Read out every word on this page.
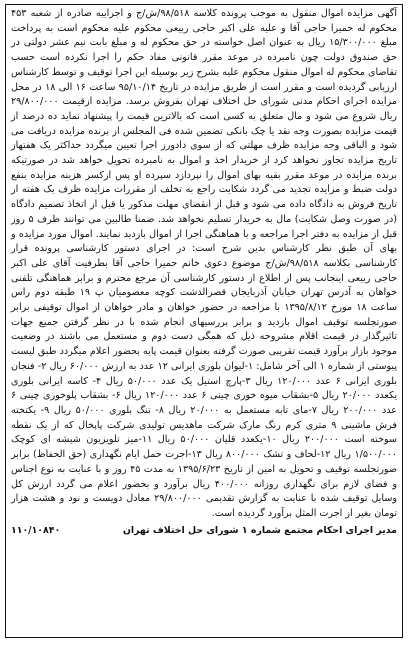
آگهی مزایده اموال منقول به موجب پرونده کلاسه ۹۸/۵۱۸/ش/ج و اجراییه صادره از شعبه ۴۵۳ محکوم له حمیرا حاجی آقا و علیه علی اکبر حاجی ربیعی محکوم علیه محکوم است به پرداخت مبلغ ۱۵/۳۰۰/۰۰۰ ریال به عنوان اصل خواسته در حق محکوم له و مبلغ بابت نیم عشر دولتی در حق صندوق دولت چون نامبرده در موعد مقرر قانونی مفاد حکم را اجرا نکرده است حسب تقاضای محکوم له اموال منقول محکوم علیه بشرح زیر بوسیله این اجرا توقیف و توسط کارشناس ارزیابی گردیده است و مقرر است از طریق مزایده در تاریخ ۹۵/۱۰/۱۴ ساعت ۱۶ الی ۱۸ در محل مزایده اجرای احکام مدنی شورای حل اختلاف تهران بفروش برسد. مزایده ازقیمت ۲۹/۸۰۰/۰۰۰ ریال شروع می شود و مال متعلق به کسی است که بالاترین قیمت را پیشنهاد نماید ده درصد از قیمت مزایده بصورت وجه نقد یا چک بانکی تضمین شده فی المجلس از برنده مزایده دریافت می شود و الباقی وجه مزایده ظرف مهلتی که از سوی دادورز اجرا تعیین میگردد حداکثر یک هفتهاز تاریخ مزایده تجاوز نخواهد کرد از خریدار اخذ و اموال به نامبرده تحویل خواهد شد در صورتیکه برنده مزایده در موعد مقرر بقیه بهای اموال را نپردازد سپرده او پس ازکسر هزینه مزایده بنفع دولت ضبط و مزایده تجدید می گردد شکایت راجع به تخلف از مقررات مزایده ظرف یک هفته از تاریخ فروش به دادگاه داده می شود و قبل از انقضای مهلت مذکور یا قبل از اتخاذ تصمیم دادگاه (در صورت وصل شکایت) مال به خریدار تسلیم نخواهد شد. ضمنا طالبین می توانند ظرف ۵ روز قبل از مزایده به دفتر اجرا مراجعه و با هماهنگی اجرا از اموال بازدید نمایند. اموال مورد مزایده و بهای آن طبق نظر کارشناس بدین شرح است: در اجرای دستور کارشناسی پرونده قرار کارشناسی بکلاسه ۹۸/۵۱۸/ش/ج موضوع دعوی خانم حمیرا حاجی آقا بطرفیت آقای علی اکبر حاجی ربیعی اینجانب پس از اطلاع از دستور کارشناسی آن مرجع محترم و برابر هماهنگی تلفنی خواهان به آدرس تهران خیابان آذربایجان قصرالدشت کوچه معصومیان پ ۱۹ طبقه دوم راس ساعت ۱۸ مورخ ۱۳۹۵/۸/۱۲ با مراجعه در حضور خواهان و مادر خواهان از اموال توقیفی برابر صورتجلسه توقیف اموال بازدید و برابر بررسیهای انجام شده با در نظر گرفتن جمیع جهات تاثیرگذار در قیمت اقلام مشروحه ذیل که همگی دست دوم و مستعمل می باشند در وضعیت موجود بازار برآورد قیمت تقریبی صورت گرفته بعنوان قیمت پایه بحضور اعلام میگردد طبق لیست پیوستی از شماره ۱ الی آخر شامل: ۱-لیوان بلوری ایرانی ۱۲ عدد به ارزش ۶۰/۰۰۰ ریال ۲- فنجان بلوری ایرانی ۶ عدد ۱۲۰/۰۰۰ ریال ۳-پارچ استیل یک عدد ۵۰/۰۰۰ ریال ۴- کاسه ایرانی بلوری یکعدد ۲۰/۰۰۰ ریال ۵-بشقاب میوه خوری چینی ۶ عدد ۱۲۰/۰۰۰ ریال ۶- بشقاب پلوخوری چینی ۶ عدد ۲۰۰/۰۰۰ ریال ۷-مای تابه مستعمل به ۲۰/۰۰۰ ریال ۸- تنگ بلوری ۵۰/۰۰۰ ریال ۹- یکتخته فرش ماشینی ۹ متری کرم رنگ مارک شرکت ماهدیس تولیدی شرکت پاپخال که از یک نقطه سوخته است ۲۰۰/۰۰۰ ریال ۱۰-یکعدد قلیان ۵۰/۰۰۰ ریال ۱۱-میز تلویزیون شیشه ای کوچک ۱/۵۰۰/۰۰۰ ریال ۱۲-لحاف و تشک ۸۰۰/۰۰۰ ریال ۱۳-اجرت حمل ایام نگهداری (حق الحفاظ) برابر صورتجلسه توقیف و تحویل به امین از تاریخ ۱۳۹۵/۶/۲۳ به مدت ۴۵ روز و با عنایت به نوع اجناس و فضای لازم برای نگهداری روزانه ۴۰۰/۰۰۰ ریال برآورد و بحضور اعلام می گردد ارزش کل وسایل توقیف شده با عنایت به گزارش تقدیمی ۲۹/۸۰۰/۰۰۰ معادل دویست و نود و هشت هزار تومان بغیر از اجرت المثل برآورد گردیده است.

مدیر اجرای احکام مجتمع شماره ۱ شورای حل اختلاف تهران
۱۱۰/۱۰۸۴۰
